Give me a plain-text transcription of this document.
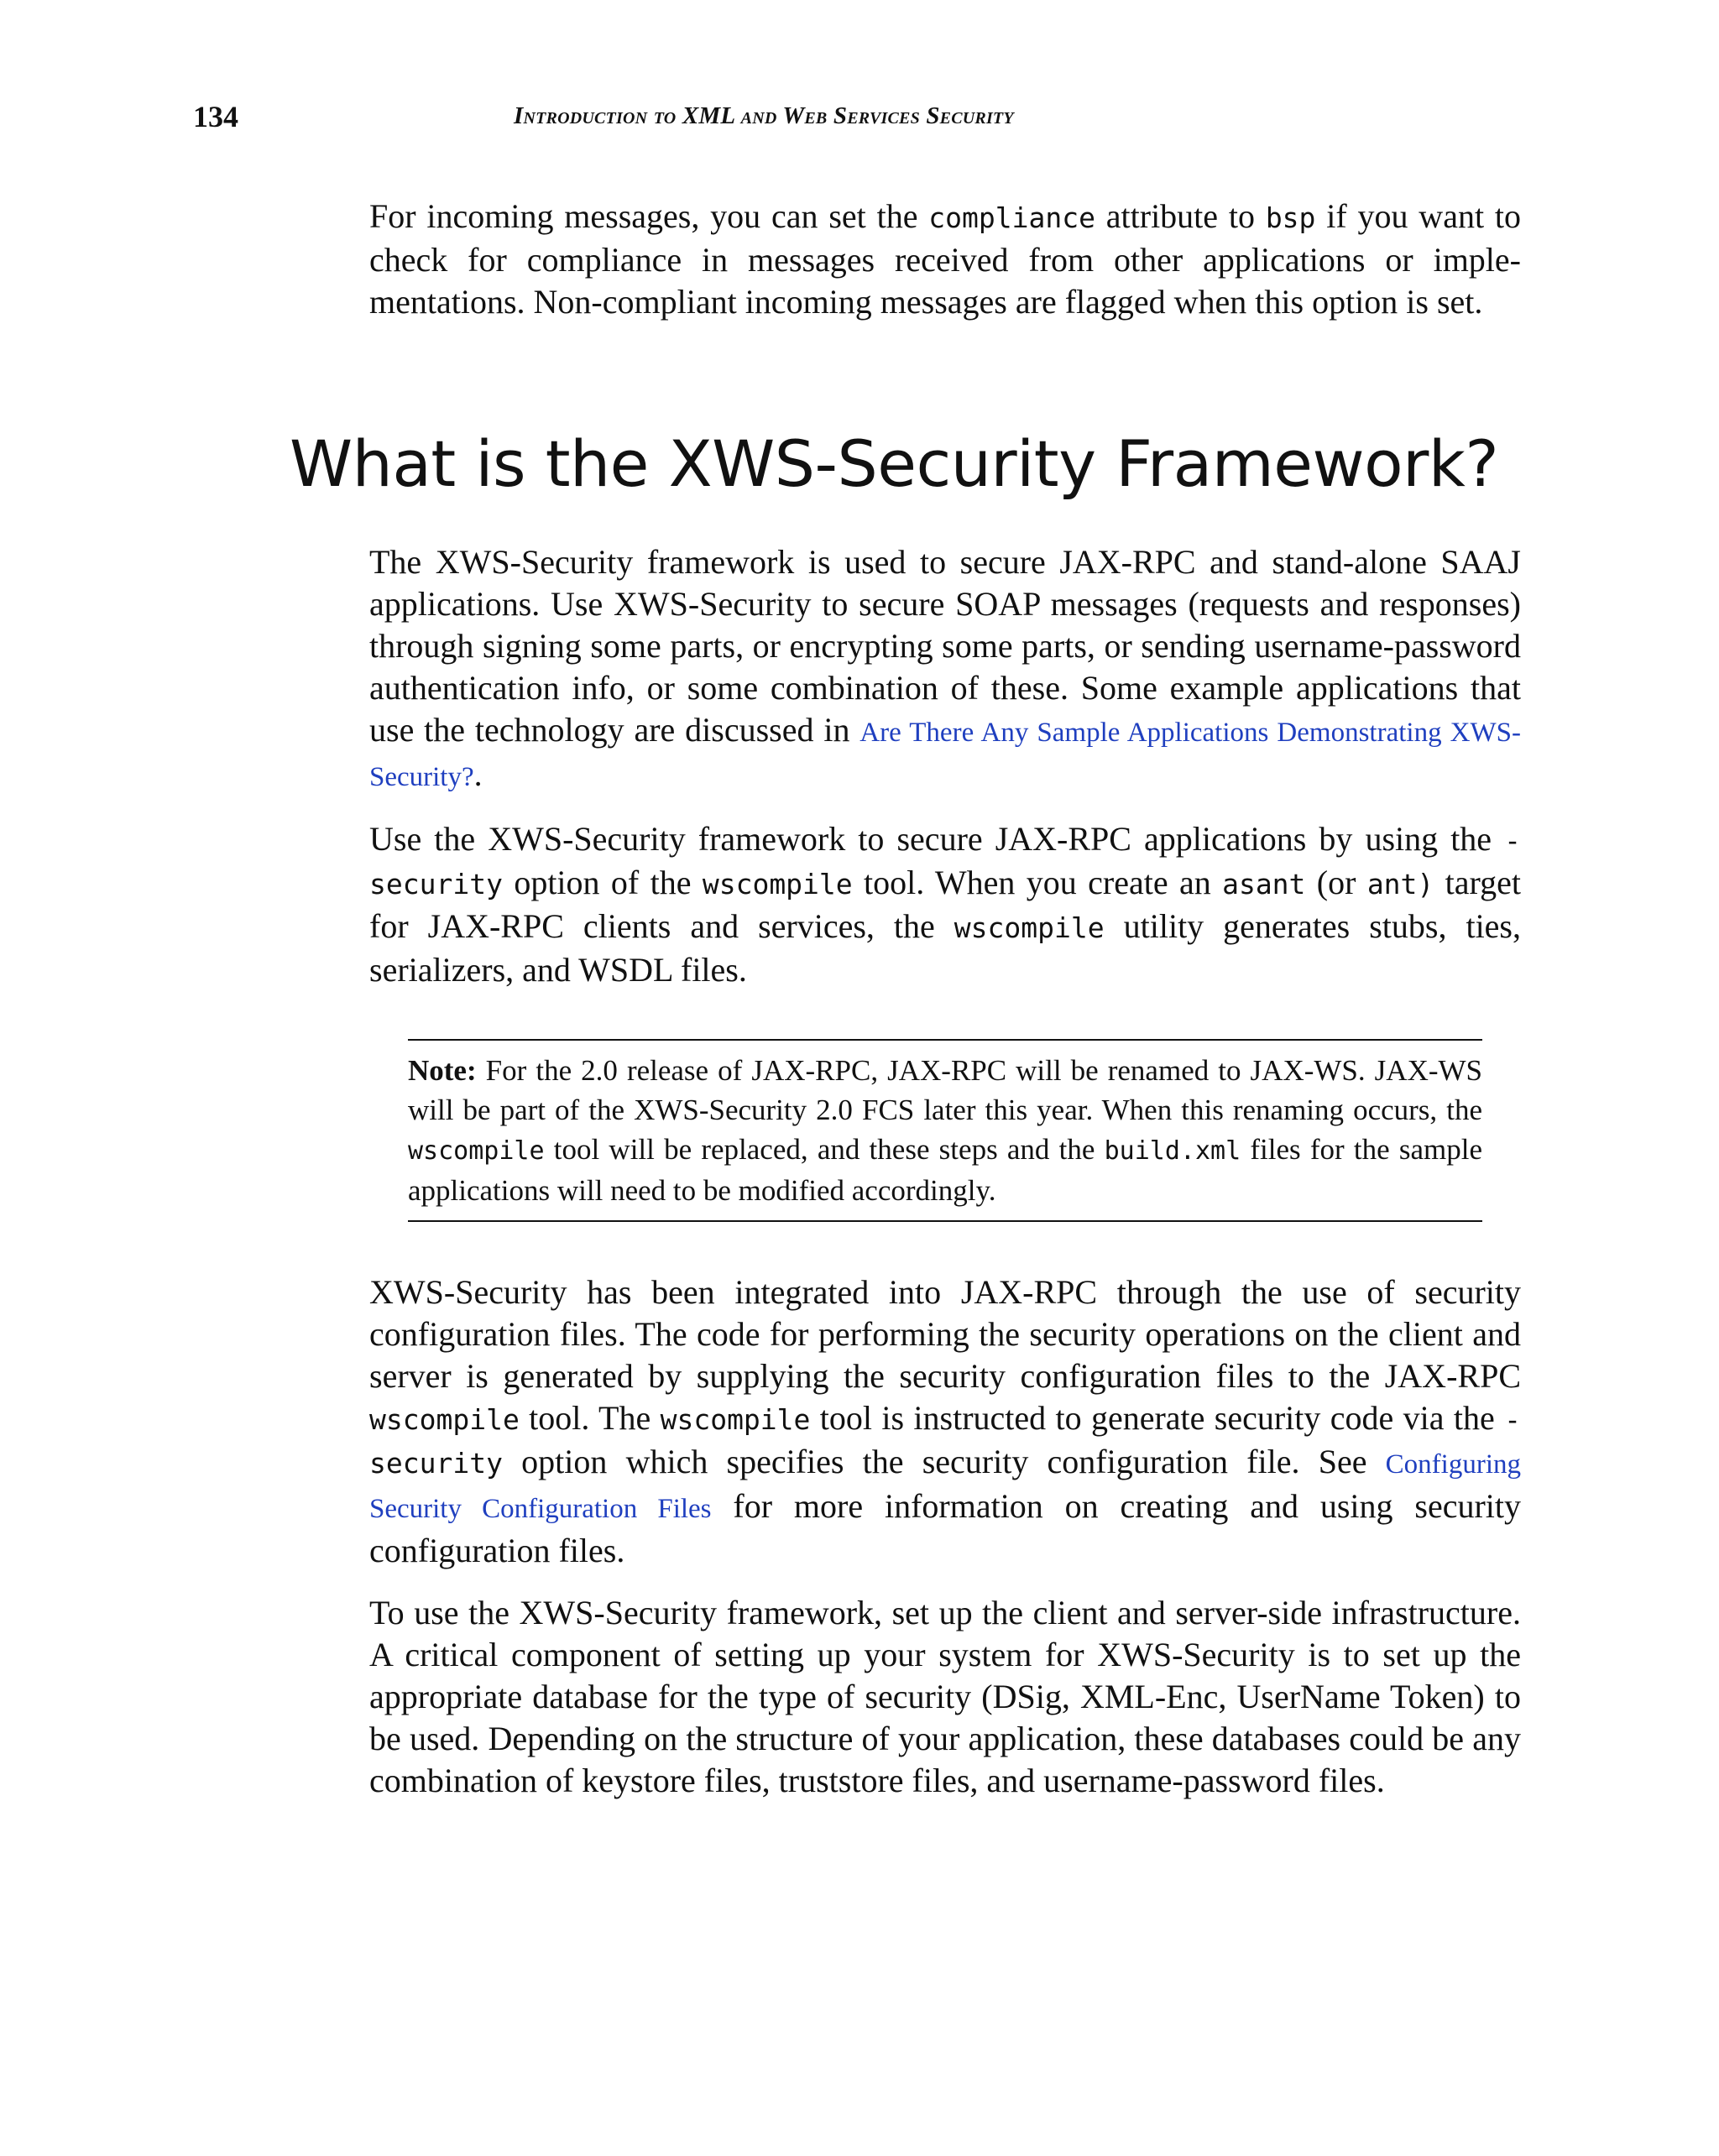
134	Introduction to XML and Web Services Security

For incoming messages, you can set the compliance attribute to bsp if you want to check for compliance in messages received from other applications or implementations. Non-compliant incoming messages are flagged when this option is set.

What is the XWS-Security Framework?

The XWS-Security framework is used to secure JAX-RPC and stand-alone SAAJ applications. Use XWS-Security to secure SOAP messages (requests and responses) through signing some parts, or encrypting some parts, or sending username-password authentication info, or some combination of these. Some example applications that use the technology are discussed in Are There Any Sample Applications Demonstrating XWS-Security?.

Use the XWS-Security framework to secure JAX-RPC applications by using the -security option of the wscompile tool. When you create an asant (or ant) target for JAX-RPC clients and services, the wscompile utility generates stubs, ties, serializers, and WSDL files.

Note: For the 2.0 release of JAX-RPC, JAX-RPC will be renamed to JAX-WS. JAX-WS will be part of the XWS-Security 2.0 FCS later this year. When this renaming occurs, the wscompile tool will be replaced, and these steps and the build.xml files for the sample applications will need to be modified accordingly.

XWS-Security has been integrated into JAX-RPC through the use of security configuration files. The code for performing the security operations on the client and server is generated by supplying the security configuration files to the JAX-RPC wscompile tool. The wscompile tool is instructed to generate security code via the -security option which specifies the security configuration file. See Configuring Security Configuration Files for more information on creating and using security configuration files.

To use the XWS-Security framework, set up the client and server-side infrastructure. A critical component of setting up your system for XWS-Security is to set up the appropriate database for the type of security (DSig, XML-Enc, UserName Token) to be used. Depending on the structure of your application, these databases could be any combination of keystore files, truststore files, and username-password files.
